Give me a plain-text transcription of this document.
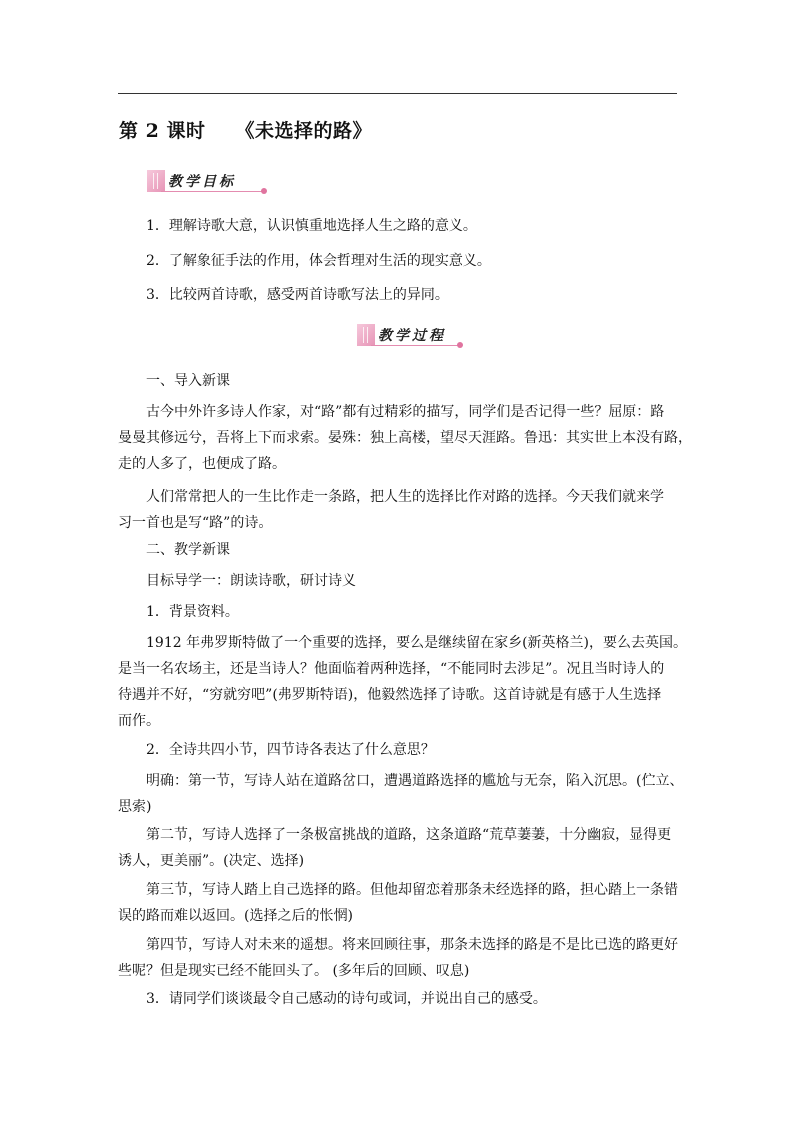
第 2 课时 《未选择的路》
教学目标

1．理解诗歌大意，认识慎重地选择人生之路的意义。

2．了解象征手法的作用，体会哲理对生活的现实意义。

3．比较两首诗歌，感受两首诗歌写法上的异同。

教学过程

一、导入新课

古今中外许多诗人作家，对“路”都有过精彩的描写，同学们是否记得一些？屈原：路
曼曼其修远兮，吾将上下而求索。晏殊：独上高楼，望尽天涯路。鲁迅：其实世上本没有路，
走的人多了，也便成了路。
人们常常把人的一生比作走一条路，把人生的选择比作对路的选择。今天我们就来学
习一首也是写“路”的诗。

二、教学新课

目标导学一：朗读诗歌，研讨诗义

1．背景资料。

1912 年弗罗斯特做了一个重要的选择，要么是继续留在家乡(新英格兰)，要么去英国。
是当一名农场主，还是当诗人？他面临着两种选择，“不能同时去涉足”。况且当时诗人的
待遇并不好，“穷就穷吧”(弗罗斯特语)，他毅然选择了诗歌。这首诗就是有感于人生选择
而作。

2．全诗共四小节，四节诗各表达了什么意思？

明确：第一节，写诗人站在道路岔口，遭遇道路选择的尴尬与无奈，陷入沉思。(伫立、
思索)
第二节，写诗人选择了一条极富挑战的道路，这条道路“荒草萋萋，十分幽寂，显得更
诱人，更美丽”。(决定、选择)
第三节，写诗人踏上自己选择的路。但他却留恋着那条未经选择的路，担心踏上一条错
误的路而难以返回。(选择之后的怅惘)
第四节，写诗人对未来的遥想。将来回顾往事，那条未选择的路是不是比已选的路更好
些呢？但是现实已经不能回头了。 (多年后的回顾、叹息)

3．请同学们谈谈最令自己感动的诗句或词，并说出自己的感受。
